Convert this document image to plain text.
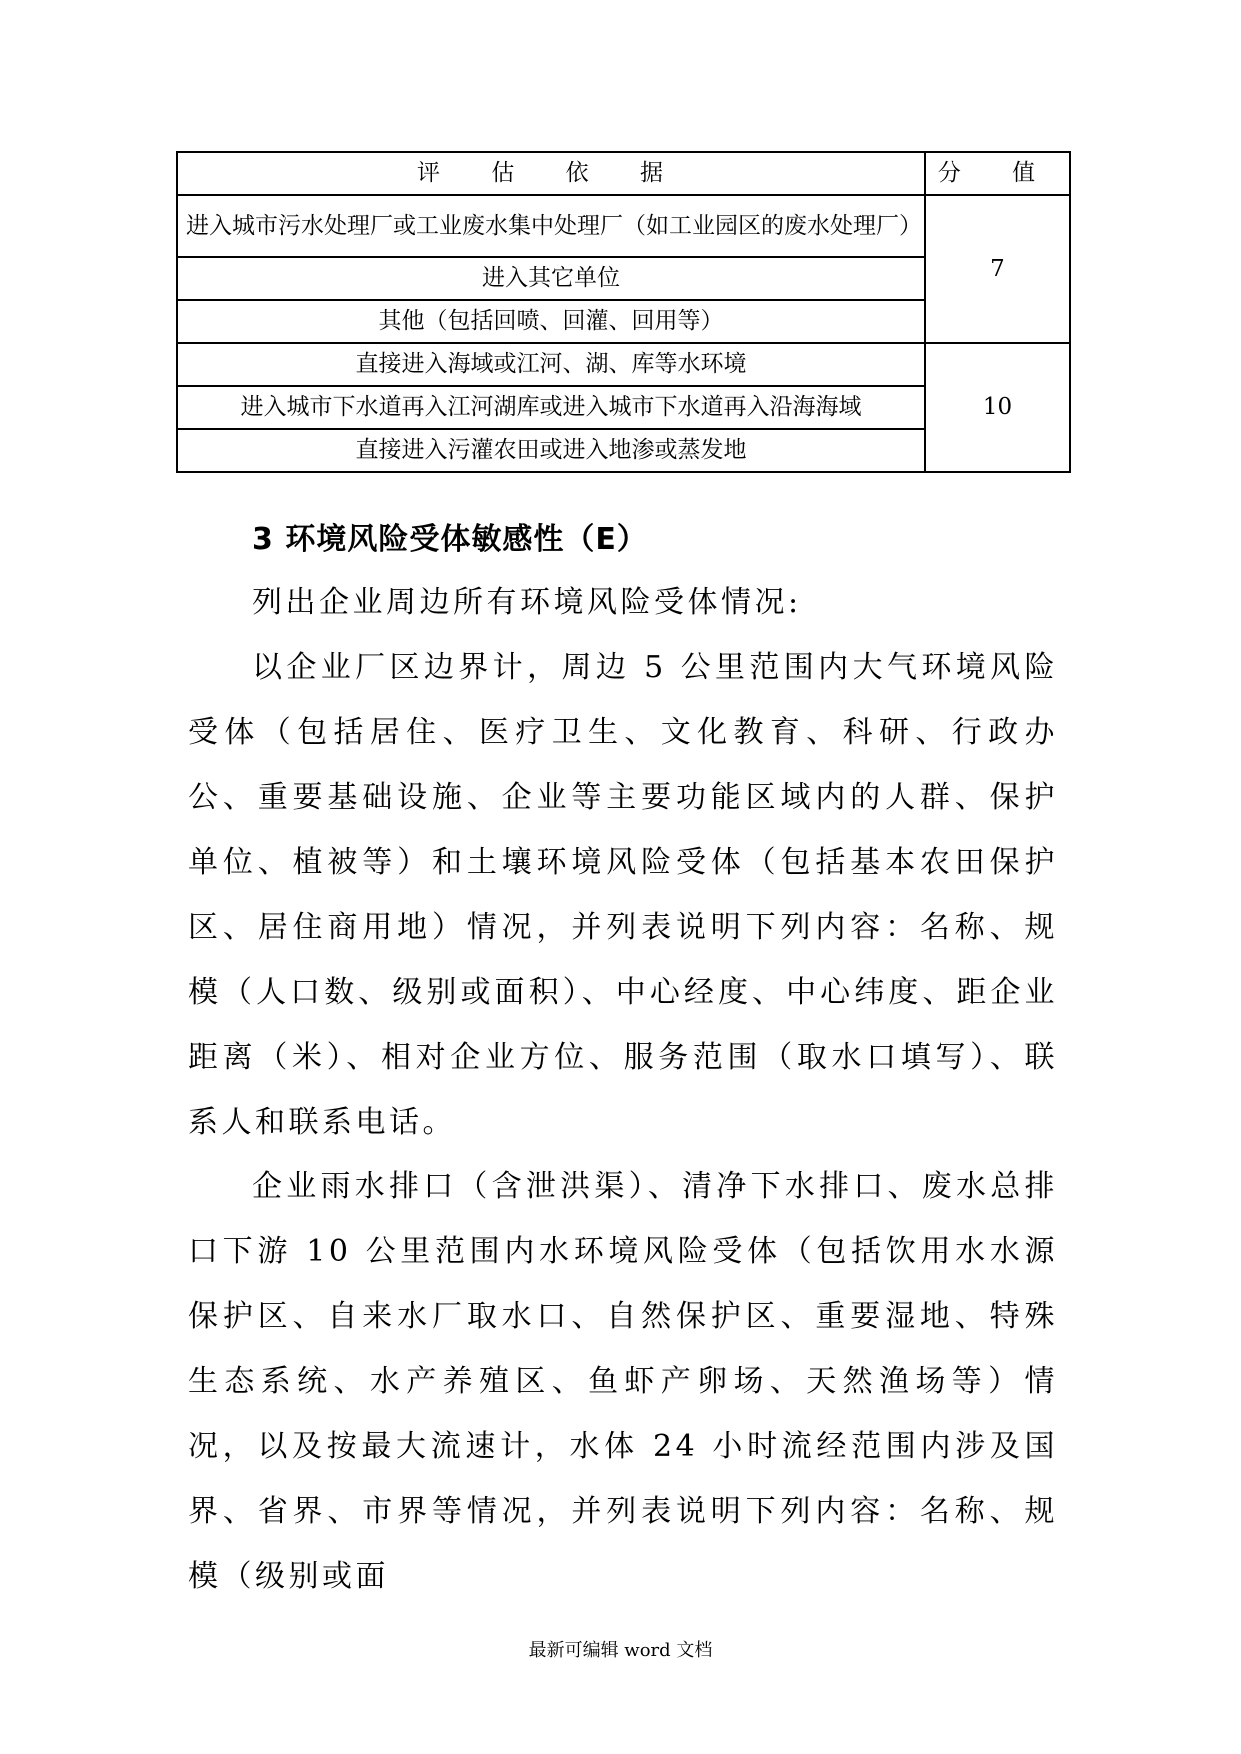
评 估 依 据	分 值
进入城市污水处理厂或工业废水集中处理厂（如工业园区的废水处理厂）	7
进入其它单位	
其他（包括回喷、回灌、回用等）	
直接进入海域或江河、湖、库等水环境	10
进入城市下水道再入江河湖库或进入城市下水道再入沿海海域	
直接进入污灌农田或进入地渗或蒸发地	
3 环境风险受体敏感性（E）

列出企业周边所有环境风险受体情况:

以企业厂区边界计，周边 5 公里范围内大气环境风险受体（包括居住、医疗卫生、文化教育、科研、行政办公、重要基础设施、企业等主要功能区域内的人群、保护单位、植被等）和土壤环境风险受体（包括基本农田保护区、居住商用地）情况，并列表说明下列内容：名称、规模（人口数、级别或面积）、中心经度、中心纬度、距企业距离（米）、相对企业方位、服务范围（取水口填写）、联系人和联系电话。

企业雨水排口（含泄洪渠）、清净下水排口、废水总排口下游 10 公里范围内水环境风险受体（包括饮用水水源保护区、自来水厂取水口、自然保护区、重要湿地、特殊生态系统、水产养殖区、鱼虾产卵场、天然渔场等）情况，以及按最大流速计，水体 24 小时流经范围内涉及国界、省界、市界等情况，并列表说明下列内容：名称、规模（级别或面

最新可编辑 word 文档
